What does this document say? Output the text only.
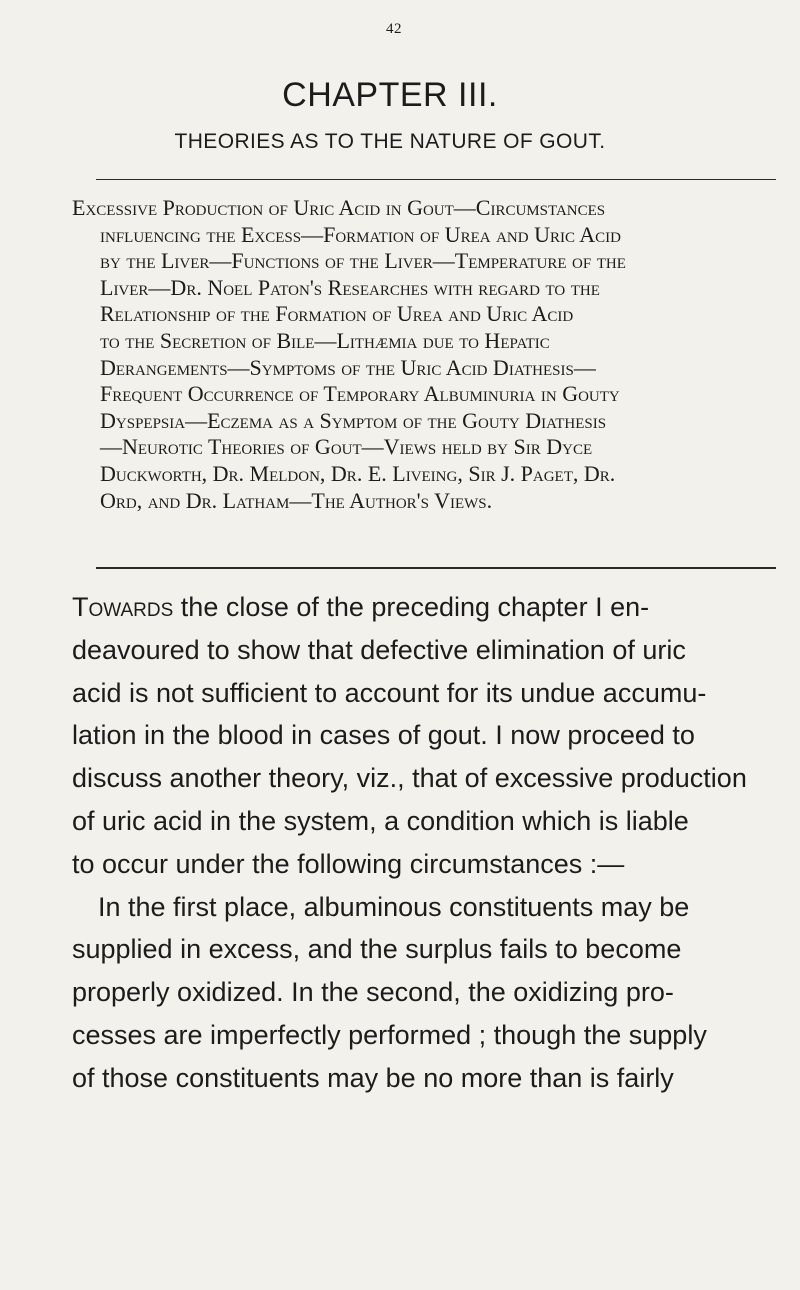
42
CHAPTER III.
THEORIES AS TO THE NATURE OF GOUT.

Excessive Production of Uric Acid in Gout—Circumstances
influencing the Excess—Formation of Urea and Uric Acid
by the Liver—Functions of the Liver—Temperature of the
Liver—Dr. Noel Paton's Researches with regard to the
Relationship of the Formation of Urea and Uric Acid
to the Secretion of Bile—Lithæmia due to Hepatic
Derangements—Symptoms of the Uric Acid Diathesis—
Frequent Occurrence of Temporary Albuminuria in Gouty
Dyspepsia—Eczema as a Symptom of the Gouty Diathesis
—Neurotic Theories of Gout—Views held by Sir Dyce
Duckworth, Dr. Meldon, Dr. E. Liveing, Sir J. Paget, Dr.
Ord, and Dr. Latham—The Author's Views.

Towards the close of the preceding chapter I en-
deavoured to show that defective elimination of uric
acid is not sufficient to account for its undue accumu-
lation in the blood in cases of gout. I now proceed to
discuss another theory, viz., that of excessive production
of uric acid in the system, a condition which is liable
to occur under the following circumstances :—

In the first place, albuminous constituents may be
supplied in excess, and the surplus fails to become
properly oxidized. In the second, the oxidizing pro-
cesses are imperfectly performed ; though the supply
of those constituents may be no more than is fairly
